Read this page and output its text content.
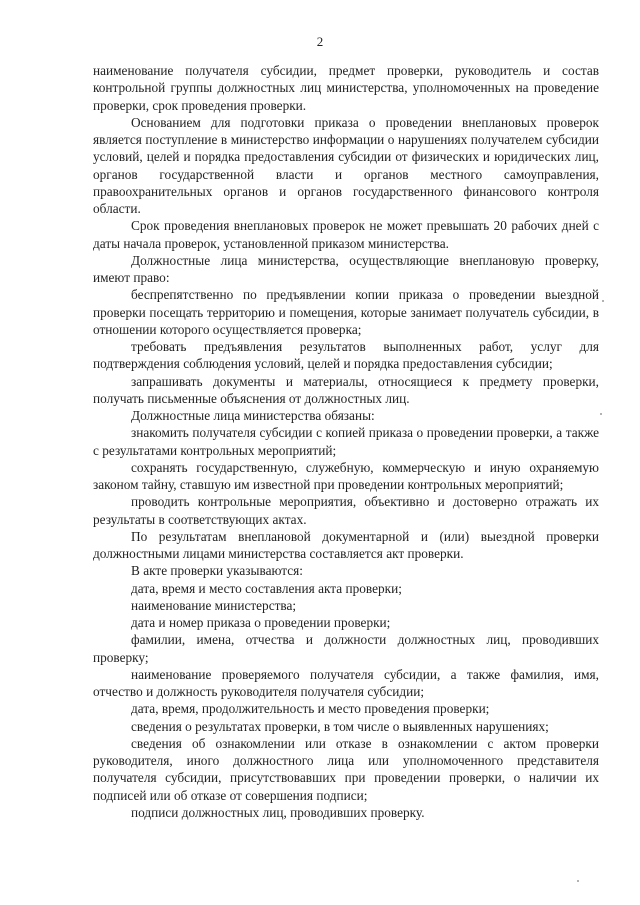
2

наименование получателя субсидии, предмет проверки, руководитель и состав контрольной группы должностных лиц министерства, уполномоченных на проведение проверки, срок проведения проверки.

Основанием для подготовки приказа о проведении внеплановых проверок является поступление в министерство информации о нарушениях получателем субсидии условий, целей и порядка предоставления субсидии от физических и юридических лиц, органов государственной власти и органов местного самоуправления, правоохранительных органов и органов государственного финансового контроля области.

Срок проведения внеплановых проверок не может превышать 20 рабочих дней с даты начала проверок, установленной приказом министерства.

Должностные лица министерства, осуществляющие внеплановую проверку, имеют право:

беспрепятственно по предъявлении копии приказа о проведении выездной проверки посещать территорию и помещения, которые занимает получатель субсидии, в отношении которого осуществляется проверка;

требовать предъявления результатов выполненных работ, услуг для подтверждения соблюдения условий, целей и порядка предоставления субсидии;

запрашивать документы и материалы, относящиеся к предмету проверки, получать письменные объяснения от должностных лиц.

Должностные лица министерства обязаны:

знакомить получателя субсидии с копией приказа о проведении проверки, а также с результатами контрольных мероприятий;

сохранять государственную, служебную, коммерческую и иную охраняемую законом тайну, ставшую им известной при проведении контрольных мероприятий;

проводить контрольные мероприятия, объективно и достоверно отражать их результаты в соответствующих актах.

По результатам внеплановой документарной и (или) выездной проверки должностными лицами министерства составляется акт проверки.

В акте проверки указываются:

дата, время и место составления акта проверки;

наименование министерства;

дата и номер приказа о проведении проверки;

фамилии, имена, отчества и должности должностных лиц, проводивших проверку;

наименование проверяемого получателя субсидии, а также фамилия, имя, отчество и должность руководителя получателя субсидии;

дата, время, продолжительность и место проведения проверки;

сведения о результатах проверки, в том числе о выявленных нарушениях;

сведения об ознакомлении или отказе в ознакомлении с актом проверки руководителя, иного должностного лица или уполномоченного представителя получателя субсидии, присутствовавших при проведении проверки, о наличии их подписей или об отказе от совершения подписи;

подписи должностных лиц, проводивших проверку.
